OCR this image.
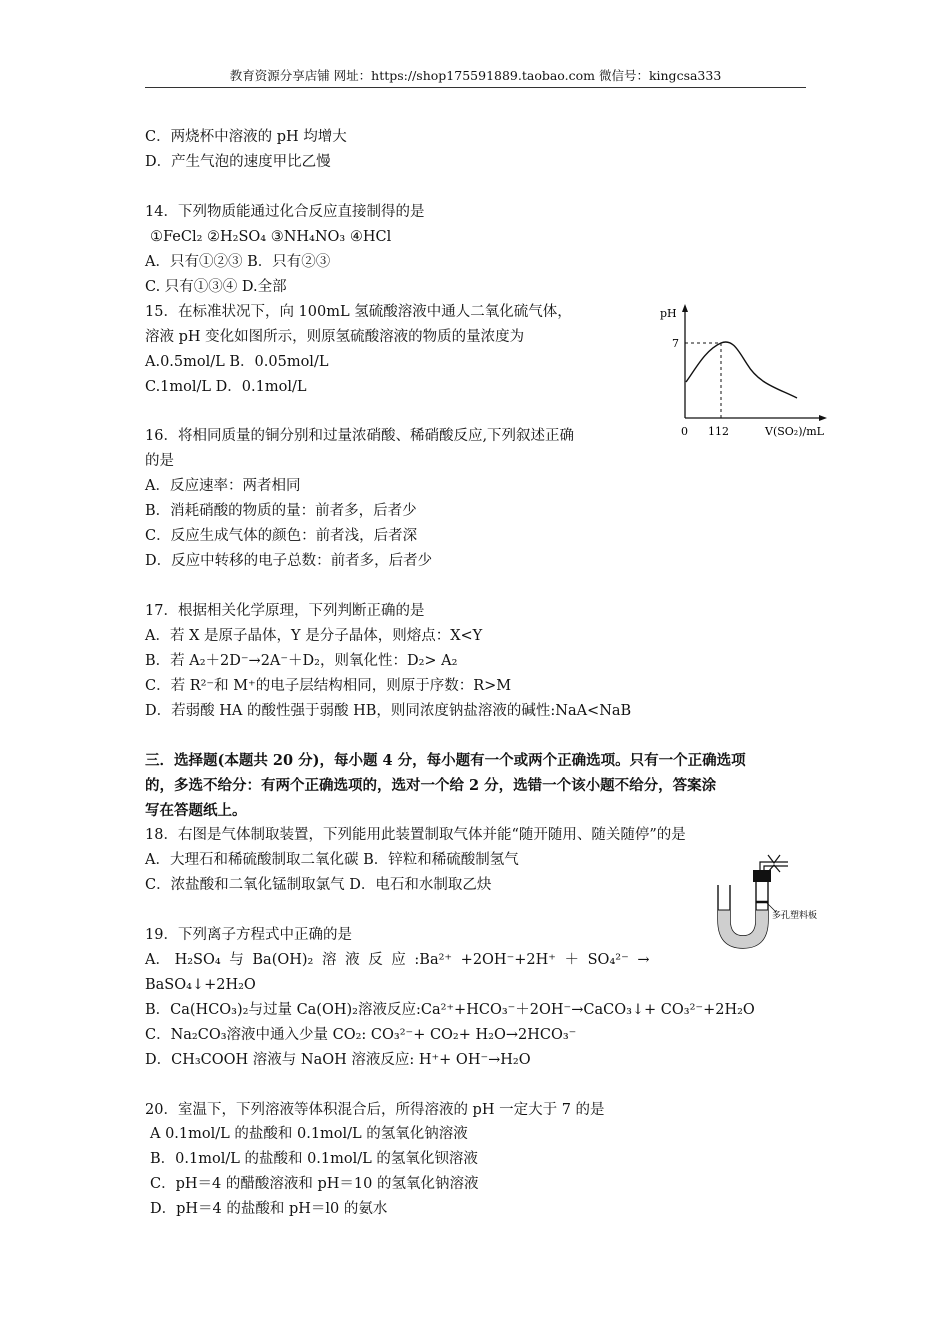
教育资源分享店铺 网址：https://shop175591889.taobao.com 微信号：kingcsa333
C．两烧杯中溶液的 pH 均增大
D．产生气泡的速度甲比乙慢
14．下列物质能通过化合反应直接制得的是
①FeCl₂ ②H₂SO₄ ③NH₄NO₃ ④HCl
A．只有①②③ B．只有②③
C. 只有①③④ D.全部
15．在标准状况下，向 100mL 氢硫酸溶液中通人二氧化硫气体，
溶液 pH 变化如图所示，则原氢硫酸溶液的物质的量浓度为
A.0.5mol/L B．0.05mol/L
C.1mol/L D．0.1mol/L
pH
7
0 112	V(SO₂)/mL
16．将相同质量的铜分别和过量浓硝酸、稀硝酸反应,下列叙述正确
的是
A．反应速率：两者相同
B．消耗硝酸的物质的量：前者多，后者少
C．反应生成气体的颜色：前者浅，后者深
D．反应中转移的电子总数：前者多，后者少
17．根据相关化学原理，下列判断正确的是
A．若 X 是原子晶体，Y 是分子晶体，则熔点：X<Y
B．若 A₂＋2D⁻→2A⁻＋D₂，则氧化性：D₂> A₂
C．若 R²⁻和 M⁺的电子层结构相同，则原于序数：R>M
D．若弱酸 HA 的酸性强于弱酸 HB，则同浓度钠盐溶液的碱性:NaA<NaB
三．选择题(本题共 20 分)，每小题 4 分，每小题有一个或两个正确选项。只有一个正确选项
的，多选不给分：有两个正确选项的，选对一个给 2 分，选错一个该小题不给分，答案涂
写在答题纸上。
18．右图是气体制取装置，下列能用此装置制取气体并能“随开随用、随关随停”的是
A．大理石和稀硫酸制取二氧化碳 B．锌粒和稀硫酸制氢气
C．浓盐酸和二氧化锰制取氯气 D．电石和水制取乙炔
多孔塑料板
19．下列离子方程式中正确的是
A． H₂SO₄ 与 Ba(OH)₂ 溶 液 反 应 :Ba²⁺ +2OH⁻+2H⁺ ＋ SO₄²⁻ →
BaSO₄↓+2H₂O
B．Ca(HCO₃)₂与过量 Ca(OH)₂溶液反应:Ca²⁺+HCO₃⁻＋2OH⁻→CaCO₃↓+ CO₃²⁻+2H₂O
C．Na₂CO₃溶液中通入少量 CO₂: CO₃²⁻+ CO₂+ H₂O→2HCO₃⁻
D．CH₃COOH 溶液与 NaOH 溶液反应: H⁺+ OH⁻→H₂O
20．室温下，下列溶液等体积混合后，所得溶液的 pH 一定大于 7 的是
A 0.1mol/L 的盐酸和 0.1mol/L 的氢氧化钠溶液
B．0.1mol/L 的盐酸和 0.1mol/L 的氢氧化钡溶液
C．pH＝4 的醋酸溶液和 pH＝10 的氢氧化钠溶液
D．pH＝4 的盐酸和 pH＝l0 的氨水
